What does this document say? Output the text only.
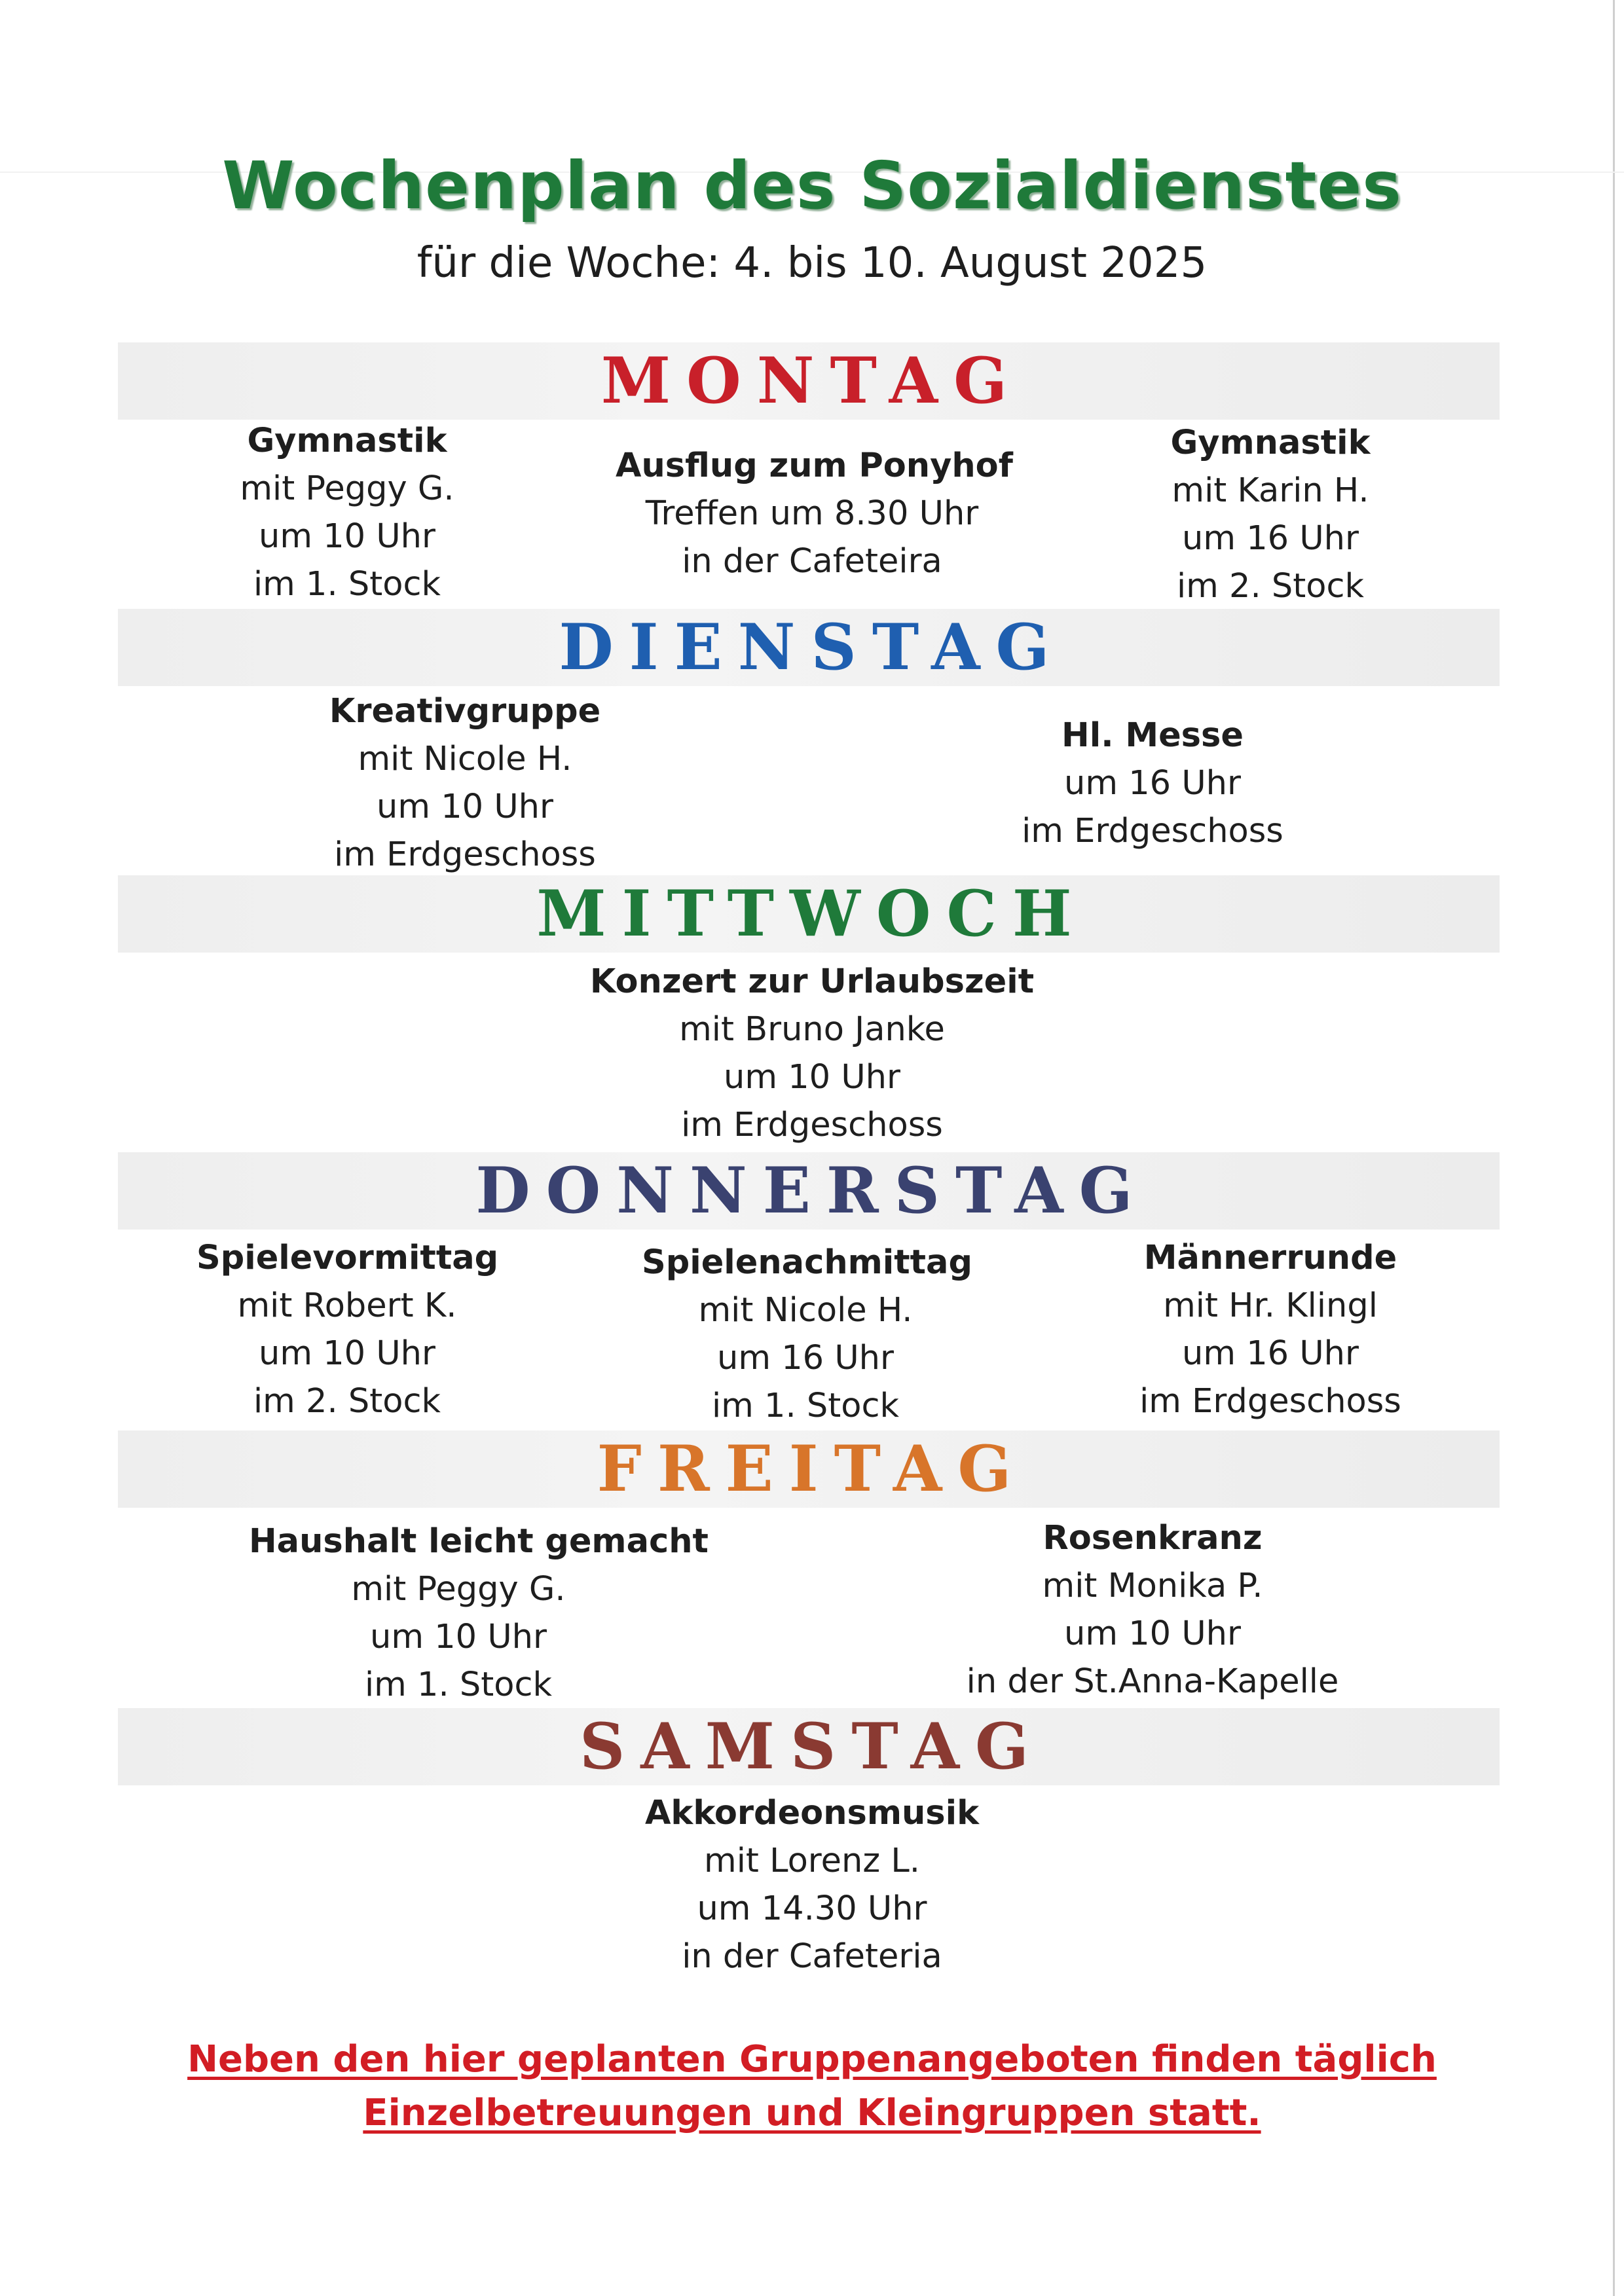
Wochenplan des Sozialdienstes
für die Woche: 4. bis 10. August 2025
MONTAG
Gymnastik
mit Peggy G.
um 10 Uhr
im 1. Stock
Ausflug zum Ponyhof
Treffen um 8.30 Uhr
in der Cafeteira
Gymnastik
mit Karin H.
um 16 Uhr
im 2. Stock
DIENSTAG
Kreativgruppe
mit Nicole H.
um 10 Uhr
im Erdgeschoss
Hl. Messe
um 16 Uhr
im Erdgeschoss
MITTWOCH
Konzert zur Urlaubszeit
mit Bruno Janke
um 10 Uhr
im Erdgeschoss
DONNERSTAG
Spielevormittag
mit Robert K.
um 10 Uhr
im 2. Stock
Spielenachmittag
mit Nicole H.
um 16 Uhr
im 1. Stock
Männerrunde
mit Hr. Klingl
um 16 Uhr
im Erdgeschoss
FREITAG
Haushalt leicht gemacht
mit Peggy G.
um 10 Uhr
im 1. Stock
Rosenkranz
mit Monika P.
um 10 Uhr
in der St.Anna-Kapelle
SAMSTAG
Akkordeonsmusik
mit Lorenz L.
um 14.30 Uhr
in der Cafeteria
Neben den hier geplanten Gruppenangeboten finden täglich
Einzelbetreuungen und Kleingruppen statt.
